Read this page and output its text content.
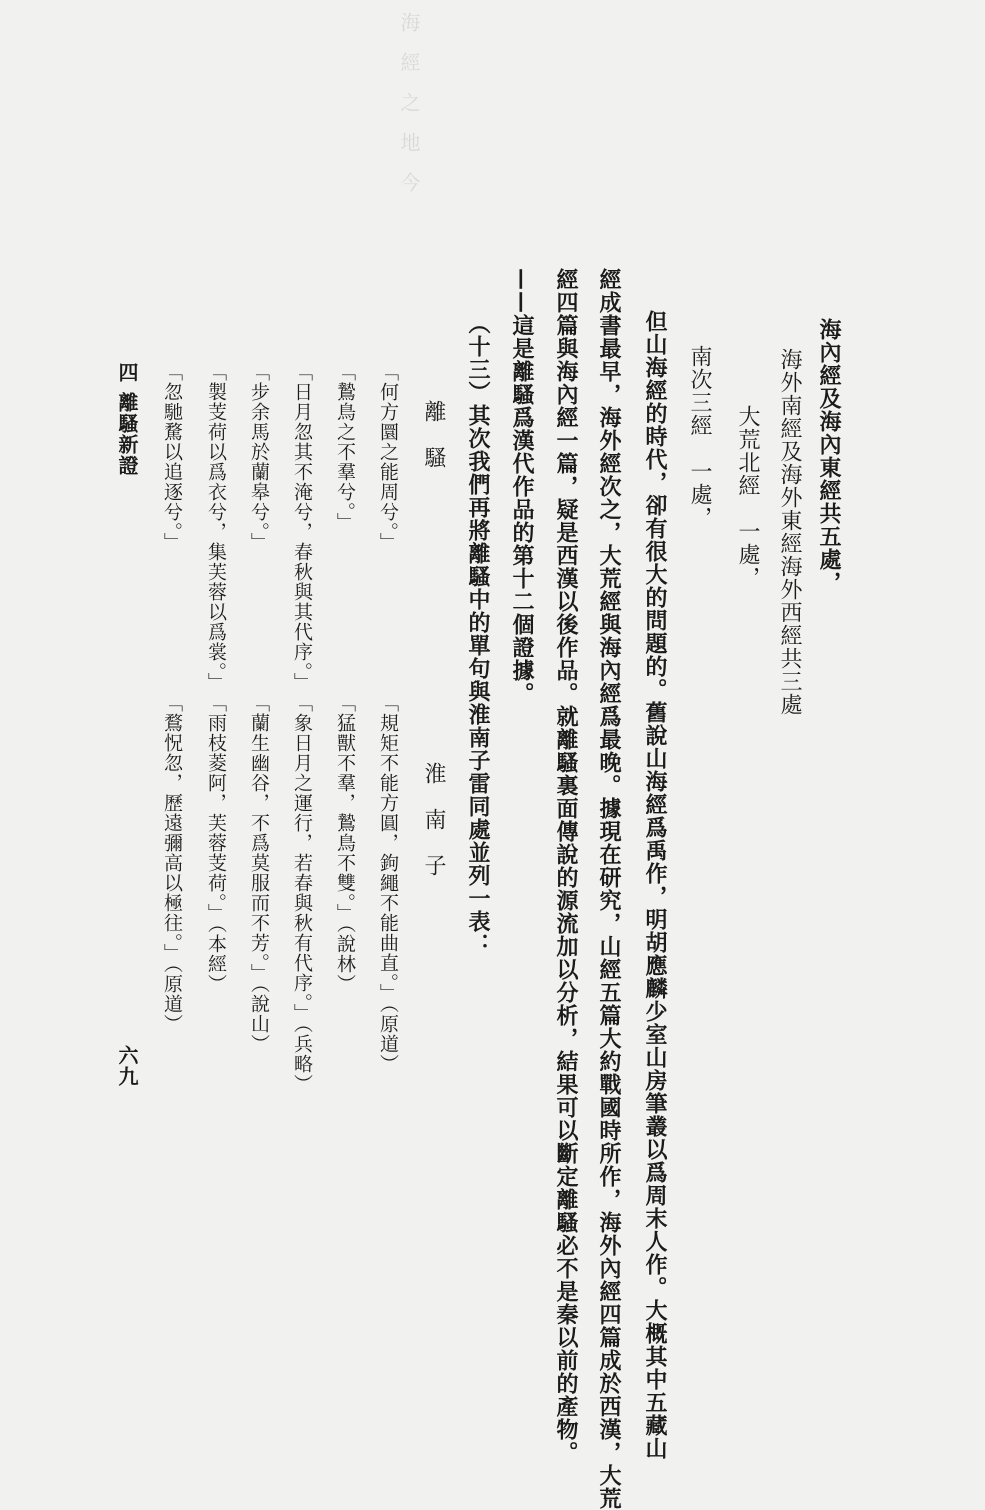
海　經　之　地　今
海內經及海內東經共五處，
海外南經及海外東經海外西經共三處
大荒北經　一處，
南次三經　一處，
但山海經的時代，卻有很大的問題的。舊說山海經爲禹作，明胡應麟少室山房筆叢以爲周末人作。大概其中五藏山
經成書最早，海外經次之，大荒經與海內經爲最晚。據現在研究，山經五篇大約戰國時所作，海外內經四篇成於西漢，大荒
經四篇與海內經一篇，疑是西漢以後作品。就離騷裏面傳說的源流加以分析，結果可以斷定離騷必不是秦以前的產物。
——這是離騷爲漢代作品的第十二個證據。
（十三）其次我們再將離騷中的單句與淮南子雷同處並列一表：
離　騷
淮　南　子
「何方圜之能周兮。」
「鷙鳥之不羣兮。」
「日月忽其不淹兮，春秋與其代序。」
「步余馬於蘭皋兮。」
「製芰荷以爲衣兮，集芙蓉以爲裳。」
「忽馳騖以追逐兮。」
「規矩不能方圓，鉤繩不能曲直。」（原道）
「猛獸不羣，鷙鳥不雙。」（說林）
「象日月之運行，若春與秋有代序。」（兵略）
「蘭生幽谷，不爲莫服而不芳。」（說山）
「雨枝菱阿，芙蓉芰荷。」（本經）
「鶩怳忽，歷遠彌高以極往。」（原道）
四
離騷新證
六九
